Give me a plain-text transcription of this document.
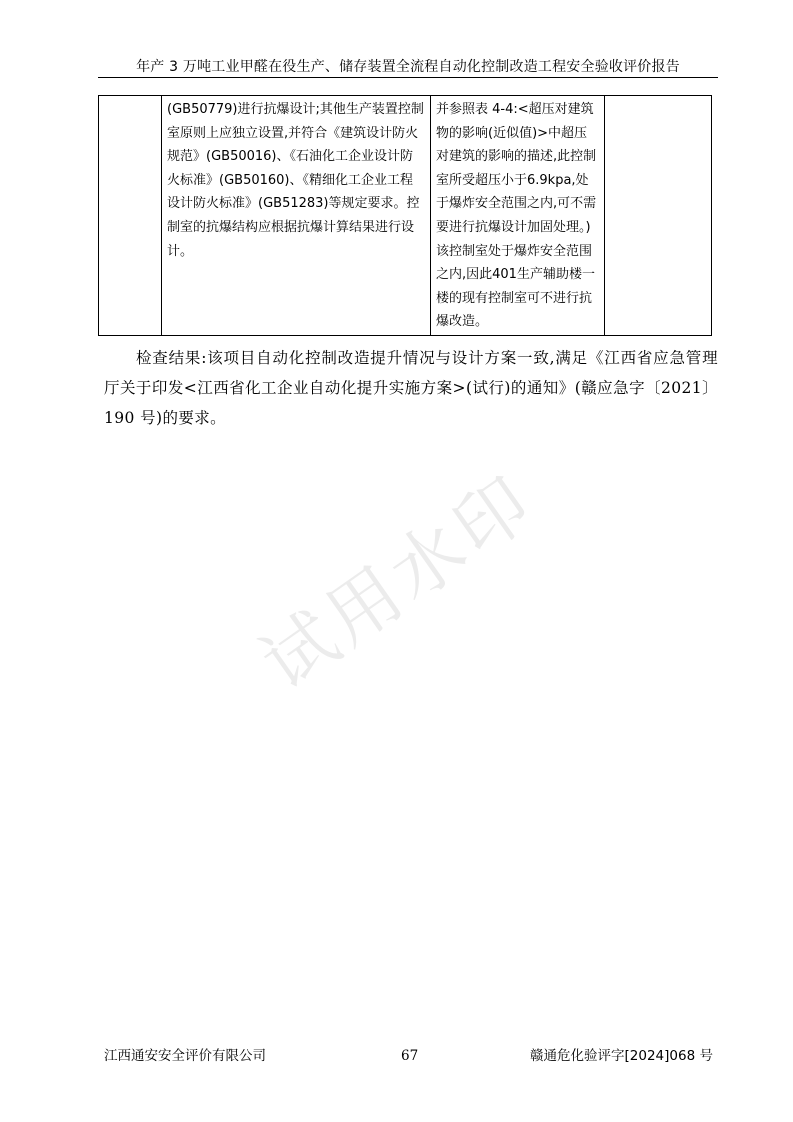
年产 3 万吨工业甲醛在役生产、储存装置全流程自动化控制改造工程安全验收评价报告
	(GB50779)进行抗爆设计;其他生产装置控制室原则上应独立设置,并符合《建筑设计防火规范》(GB50016)、《石油化工企业设计防火标准》(GB50160)、《精细化工企业工程设计防火标准》(GB51283)等规定要求。控制室的抗爆结构应根据抗爆计算结果进行设计。	并参照表 4-4:<超压对建筑物的影响(近似值)>中超压对建筑的影响的描述,此控制室所受超压小于6.9kpa,处于爆炸安全范围之内,可不需要进行抗爆设计加固处理。)该控制室处于爆炸安全范围之内,因此401生产辅助楼一楼的现有控制室可不进行抗爆改造。	
检查结果:该项目自动化控制改造提升情况与设计方案一致,满足《江西省应急管理厅关于印发<江西省化工企业自动化提升实施方案>(试行)的通知》(赣应急字〔2021〕190 号)的要求。
试用水印
江西通安安全评价有限公司	67	赣通危化验评字[2024]068 号
